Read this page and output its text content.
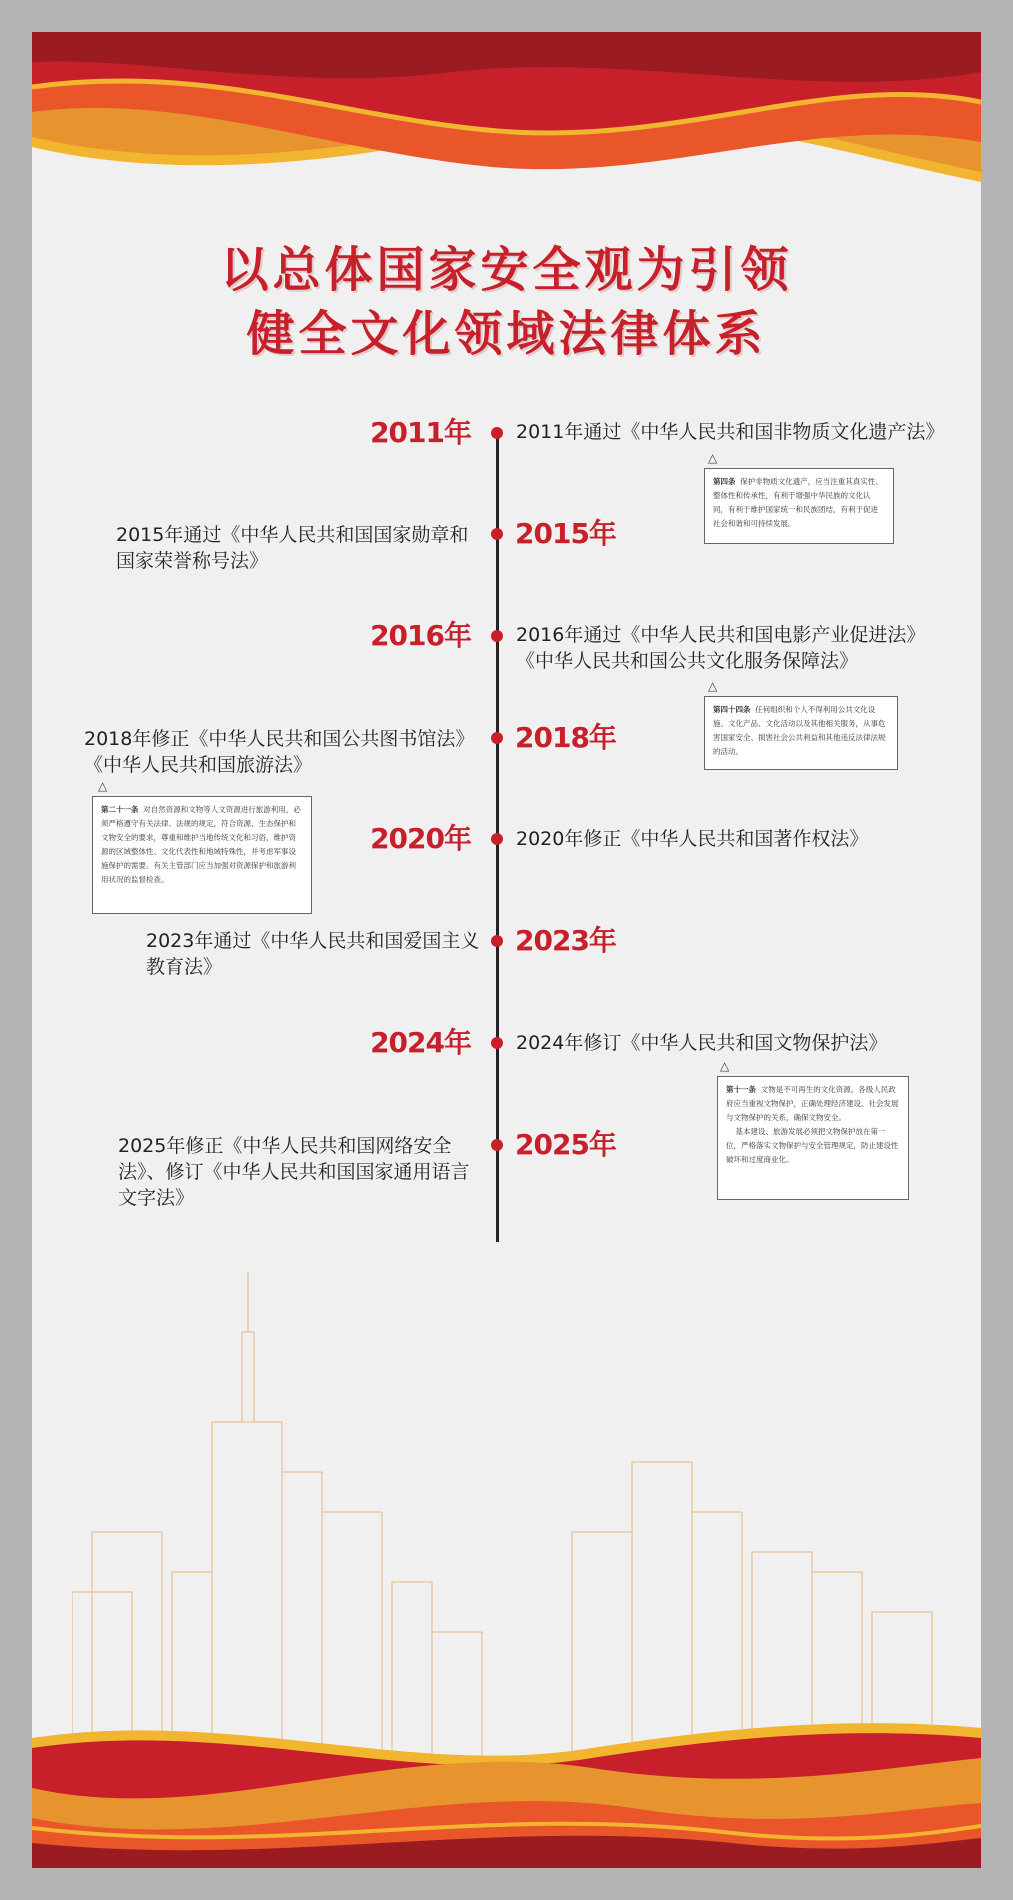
以总体国家安全观为引领
健全文化领域法律体系
2011年 2011年通过《中华人民共和国非物质文化遗产法》
△
第四条 保护非物质文化遗产，应当注重其真实性、整体性和传承性，有利于增强中华民族的文化认同，有利于维护国家统一和民族团结，有利于促进社会和谐和可持续发展。
2015年
2015年通过《中华人民共和国国家勋章和国家荣誉称号法》
2016年 2016年通过《中华人民共和国电影产业促进法》《中华人民共和国公共文化服务保障法》
△
第四十四条 任何组织和个人不得利用公共文化设施、文化产品、文化活动以及其他相关服务，从事危害国家安全、损害社会公共利益和其他违反法律法规的活动。
2018年
2018年修正《中华人民共和国公共图书馆法》《中华人民共和国旅游法》
△
第二十一条 对自然资源和文物等人文资源进行旅游利用，必须严格遵守有关法律、法规的规定，符合资源、生态保护和文物安全的要求，尊重和维护当地传统文化和习俗，维护资源的区域整体性、文化代表性和地域特殊性，并考虑军事设施保护的需要。有关主管部门应当加强对资源保护和旅游利用状况的监督检查。
2020年 2020年修正《中华人民共和国著作权法》
2023年
2023年通过《中华人民共和国爱国主义教育法》
2024年 2024年修订《中华人民共和国文物保护法》
△
第十一条 文物是不可再生的文化资源。各级人民政府应当重视文物保护，正确处理经济建设、社会发展与文物保护的关系，确保文物安全。
基本建设、旅游发展必须把文物保护放在第一位，严格落实文物保护与安全管理规定，防止建设性破坏和过度商业化。
2025年
2025年修正《中华人民共和国网络安全法》、修订《中华人民共和国国家通用语言文字法》
